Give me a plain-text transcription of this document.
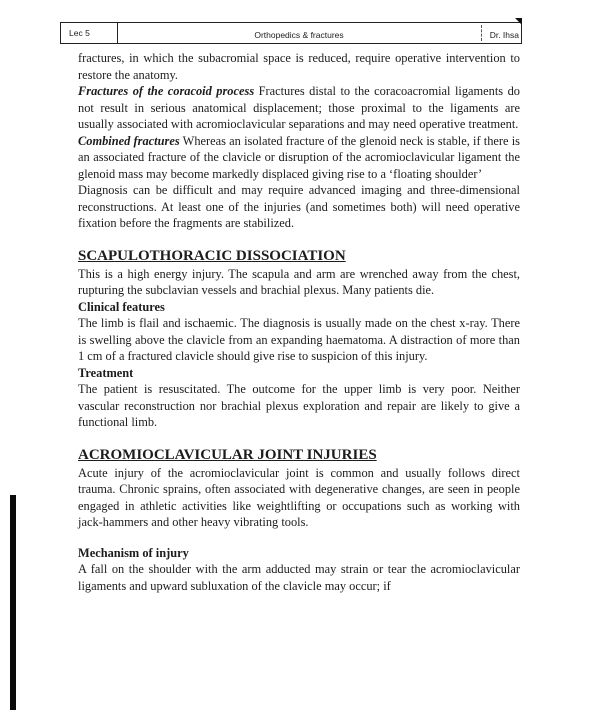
Lec 5	Orthopedics & fractures	Dr. Ihsa

fractures, in which the subacromial space is reduced, require operative intervention to restore the anatomy.

Fractures of the coracoid process Fractures distal to the coracoacromial ligaments do not result in serious anatomical displacement; those proximal to the ligaments are usually associated with acromioclavicular separations and may need operative treatment.

Combined fractures Whereas an isolated fracture of the glenoid neck is stable, if there is an associated fracture of the clavicle or disruption of the acromioclavicular ligament the glenoid mass may become markedly displaced giving rise to a ‘floating shoulder’

Diagnosis can be difficult and may require advanced imaging and three-dimensional reconstructions. At least one of the injuries (and sometimes both) will need operative fixation before the fragments are stabilized.

SCAPULOTHORACIC DISSOCIATION

This is a high energy injury. The scapula and arm are wrenched away from the chest, rupturing the subclavian vessels and brachial plexus. Many patients die.

Clinical features

The limb is flail and ischaemic. The diagnosis is usually made on the chest x-ray. There is swelling above the clavicle from an expanding haematoma. A distraction of more than 1 cm of a fractured clavicle should give rise to suspicion of this injury.

Treatment

The patient is resuscitated. The outcome for the upper limb is very poor. Neither vascular reconstruction nor brachial plexus exploration and repair are likely to give a functional limb.

ACROMIOCLAVICULAR JOINT INJURIES

Acute injury of the acromioclavicular joint is common and usually follows direct trauma. Chronic sprains, often associated with degenerative changes, are seen in people engaged in athletic activities like weightlifting or occupations such as working with jack-hammers and other heavy vibrating tools.

Mechanism of injury

A fall on the shoulder with the arm adducted may strain or tear the acromioclavicular ligaments and upward subluxation of the clavicle may occur; if
